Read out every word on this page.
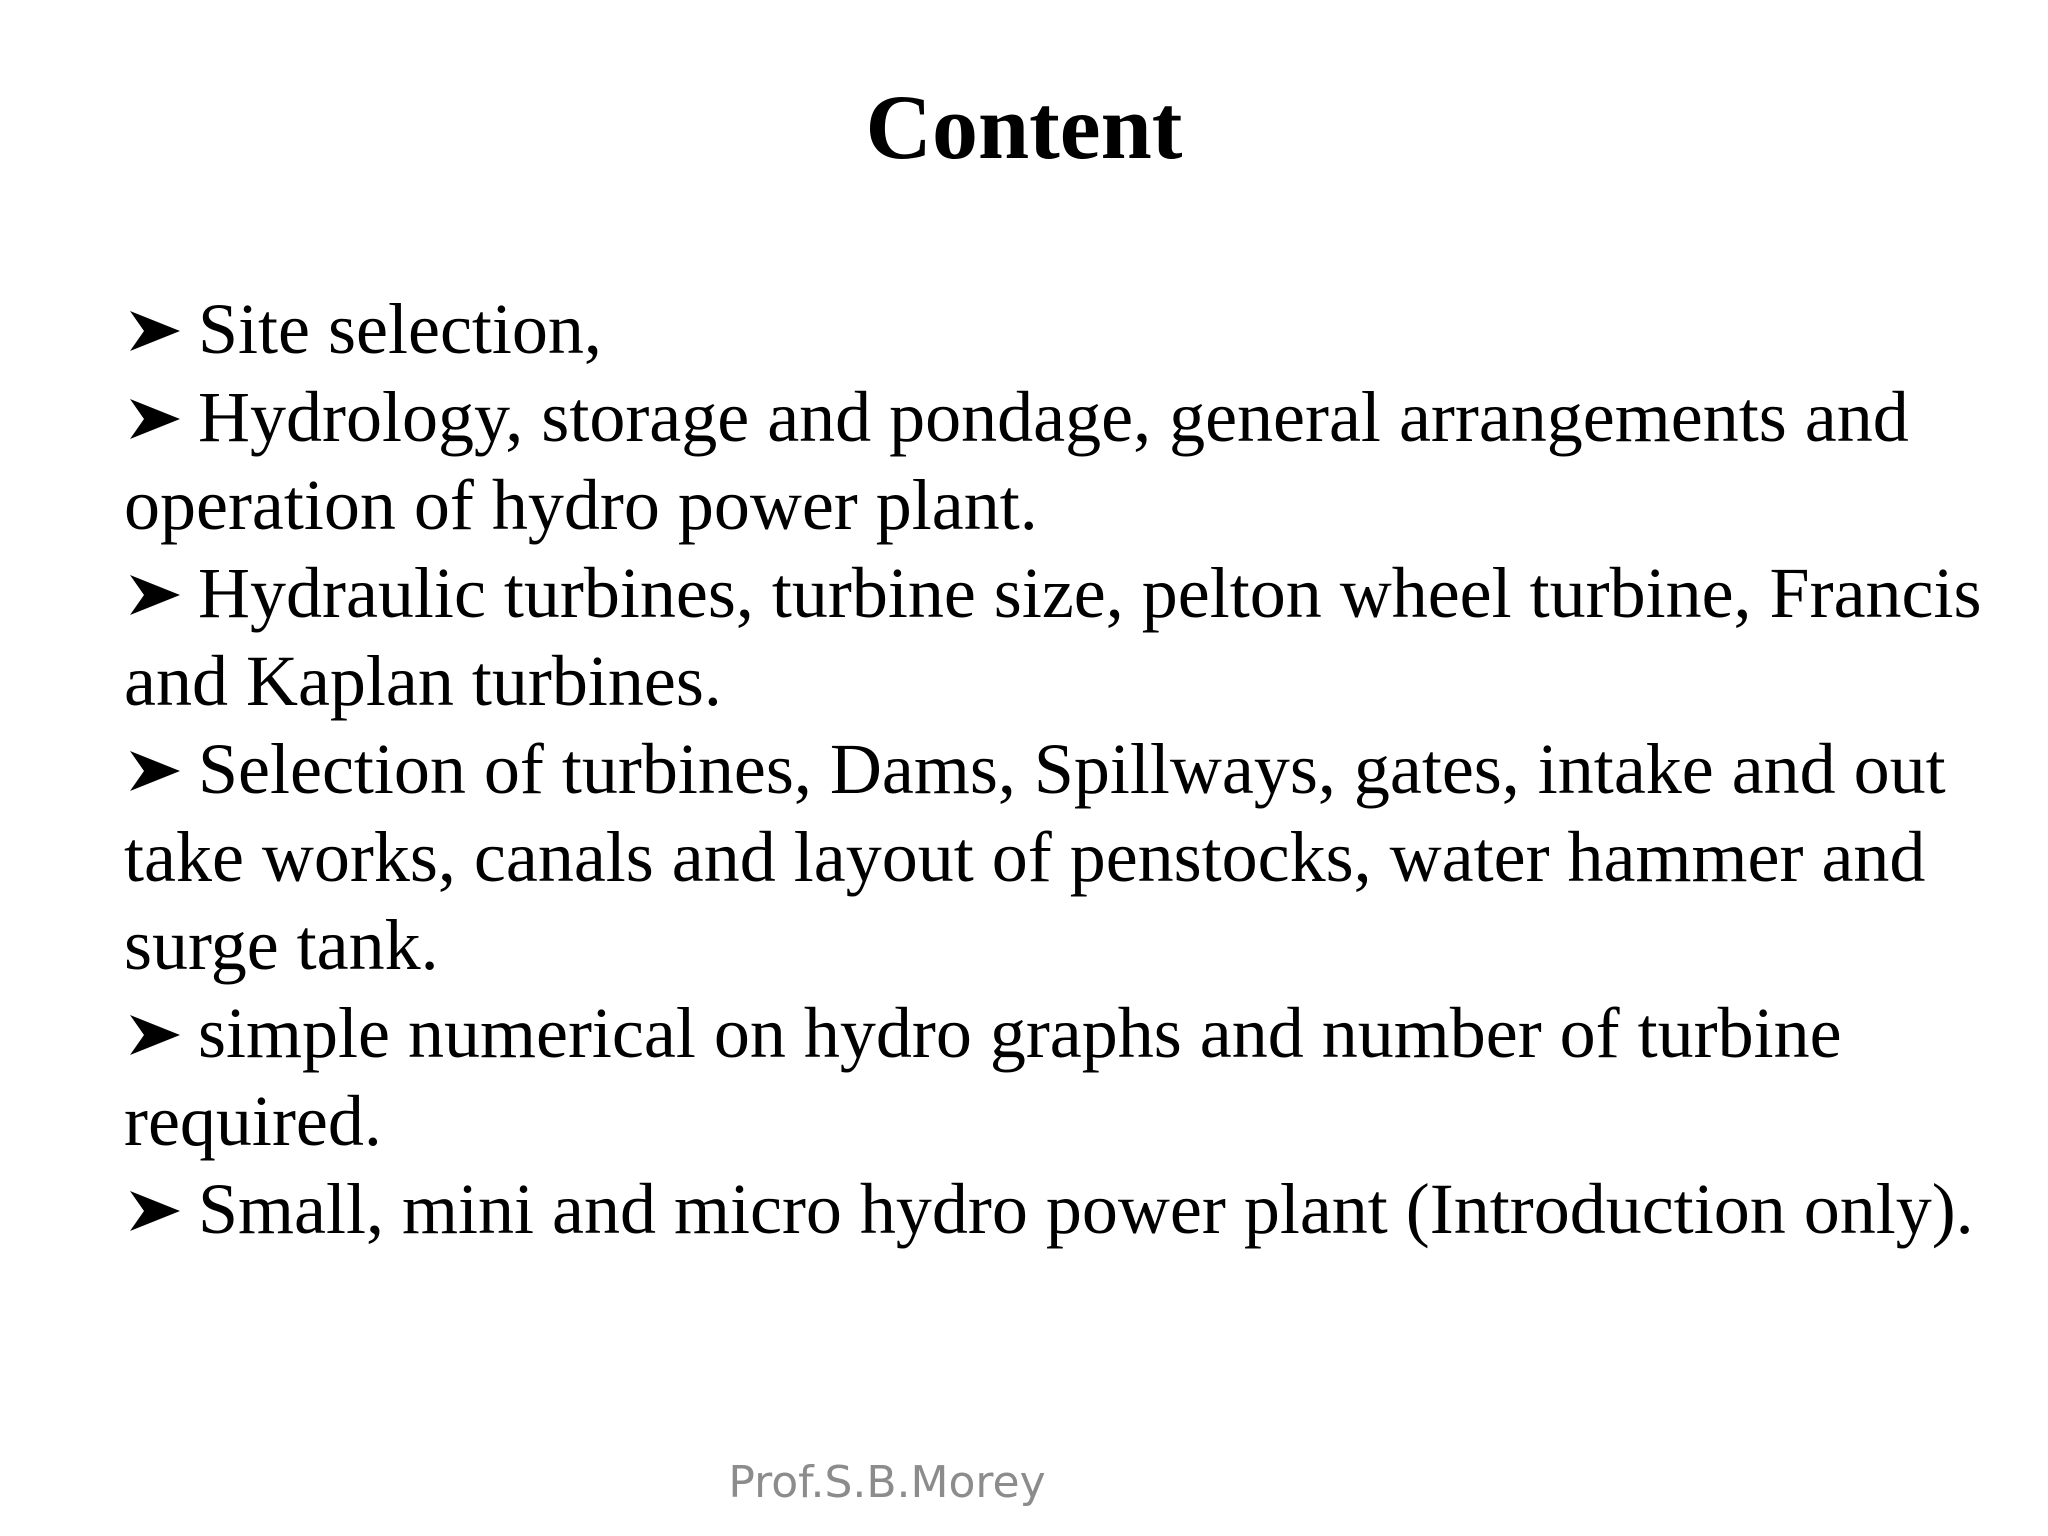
Content
Site selection,
Hydrology, storage and pondage, general arrangements and operation of hydro power plant.
Hydraulic turbines, turbine size, pelton wheel turbine, Francis and Kaplan turbines.
Selection of turbines, Dams, Spillways, gates, intake and out take works, canals and layout of penstocks, water hammer and surge tank.
simple numerical on hydro graphs and number of turbine required.
Small, mini and micro hydro power plant (Introduction only).
Prof.S.B.Morey
